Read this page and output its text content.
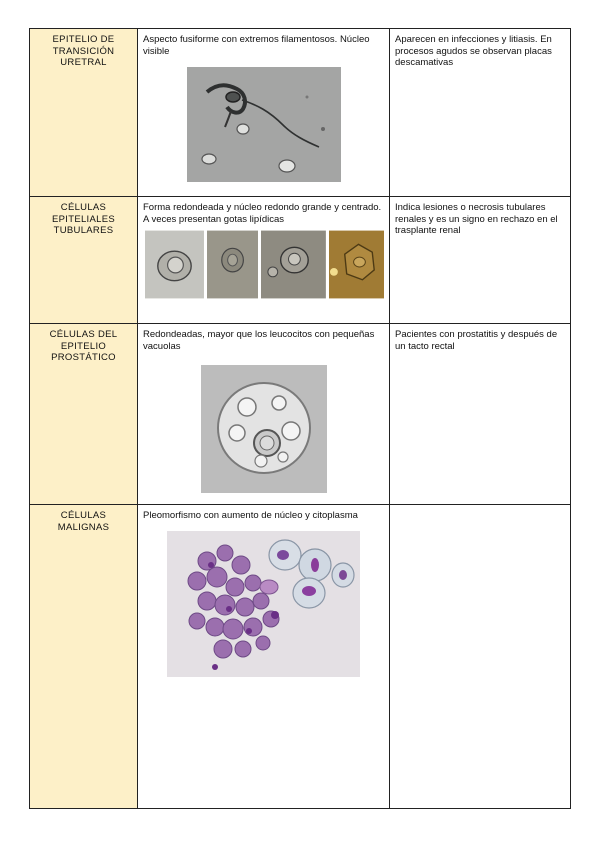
EPITELIO DE
TRANSICIÓN
URETRAL	Aspecto fusiforme con extremos filamentosos. Núcleo visible	Aparecen en infecciones y litiasis. En procesos agudos se observan placas descamativas

CÉLULAS
EPITELIALES
TUBULARES	Forma redondeada y núcleo redondo grande y centrado. A veces presentan gotas lipídicas	Indica lesiones o necrosis tubulares renales y es un signo en rechazo en el trasplante renal

CÉLULAS DEL
EPITELIO
PROSTÁTICO	Redondeadas, mayor que los leucocitos con pequeñas vacuolas	Pacientes con prostatitis y después de un tacto rectal

CÉLULAS
MALIGNAS	Pleomorfismo con aumento de núcleo y citoplasma	
